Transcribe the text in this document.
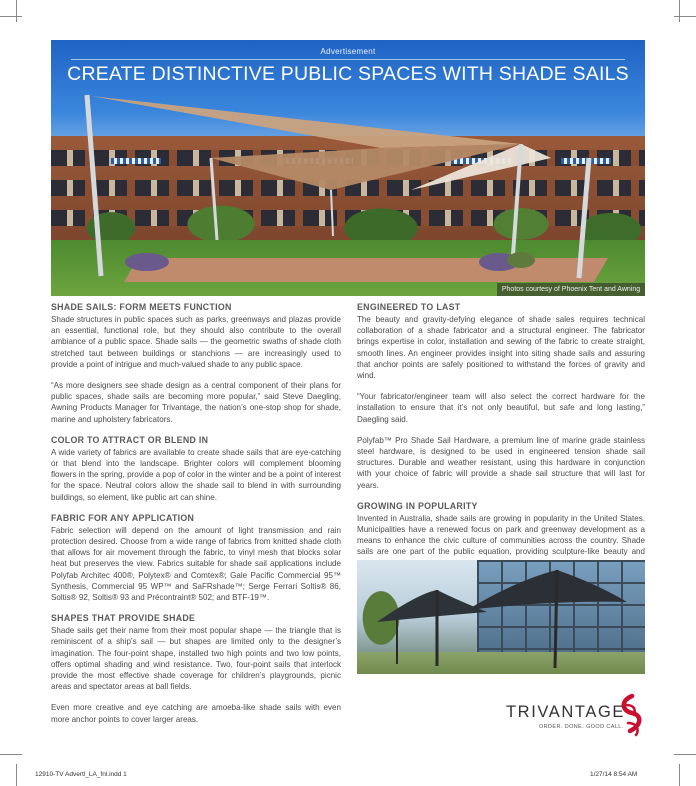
Advertisement
CREATE DISTINCTIVE PUBLIC SPACES WITH SHADE SAILS
Photos courtesy of Phoenix Tent and Awning
SHADE SAILS: FORM MEETS FUNCTION

Shade structures in public spaces such as parks, greenways and plazas provide an essential, functional role, but they should also contribute to the overall ambiance of a public space. Shade sails — the geometric swaths of shade cloth stretched taut between buildings or stanchions — are increasingly used to provide a point of intrigue and much-valued shade to any public space.

“As more designers see shade design as a central component of their plans for public spaces, shade sails are becoming more popular,” said Steve Daegling, Awning Products Manager for Trivantage, the nation’s one-stop shop for shade, marine and upholstery fabricators.

COLOR TO ATTRACT OR BLEND IN

A wide variety of fabrics are available to create shade sails that are eye-catching or that blend into the landscape. Brighter colors will complement blooming flowers in the spring, provide a pop of color in the winter and be a point of interest for the space. Neutral colors allow the shade sail to blend in with surrounding buildings, so element, like public art can shine.

FABRIC FOR ANY APPLICATION

Fabric selection will depend on the amount of light transmission and rain protection desired. Choose from a wide range of fabrics from knitted shade cloth that allows for air movement through the fabric, to vinyl mesh that blocks solar heat but preserves the view. Fabrics suitable for shade sail applications include Polyfab Architec 400®, Polytex® and Comtex®; Gale Pacific Commercial 95™ Synthesis, Commercial 95 WP™ and SaFRshade™; Serge Ferrari Soltis® 86, Soltis® 92, Soltis® 93 and Précontraint® 502; and BTF-19™.

SHAPES THAT PROVIDE SHADE

Shade sails get their name from their most popular shape — the triangle that is reminiscent of a ship’s sail — but shapes are limited only to the designer’s imagination. The four-point shape, installed two high points and two low points, offers optimal shading and wind resistance. Two, four-point sails that interlock provide the most effective shade coverage for children’s playgrounds, picnic areas and spectator areas at ball fields.

Even more creative and eye catching are amoeba-like shade sails with even more anchor points to cover larger areas.

ENGINEERED TO LAST

The beauty and gravity-defying elegance of shade sales requires technical collaboration of a shade fabricator and a structural engineer. The fabricator brings expertise in color, installation and sewing of the fabric to create straight, smooth lines. An engineer provides insight into siting shade sails and assuring that anchor points are safely positioned to withstand the forces of gravity and wind.

“Your fabricator/engineer team will also select the correct hardware for the installation to ensure that it’s not only beautiful, but safe and long lasting,” Daegling said.

Polyfab™ Pro Shade Sail Hardware, a premium line of marine grade stainless steel hardware, is designed to be used in engineered tension shade sail structures. Durable and weather resistant, using this hardware in conjunction with your choice of fabric will provide a shade sail structure that will last for years.

GROWING IN POPULARITY

Invented in Australia, shade sails are growing in popularity in the United States. Municipalities have a renewed focus on park and greenway development as a means to enhance the civic culture of communities across the country. Shade sails are one part of the public equation, providing sculpture-like beauty and

TRIVANTAGE
ORDER. DONE. GOOD CALL.
12910-TV Advertl_LA_fnl.indd 1	1/27/14 8:54 AM
